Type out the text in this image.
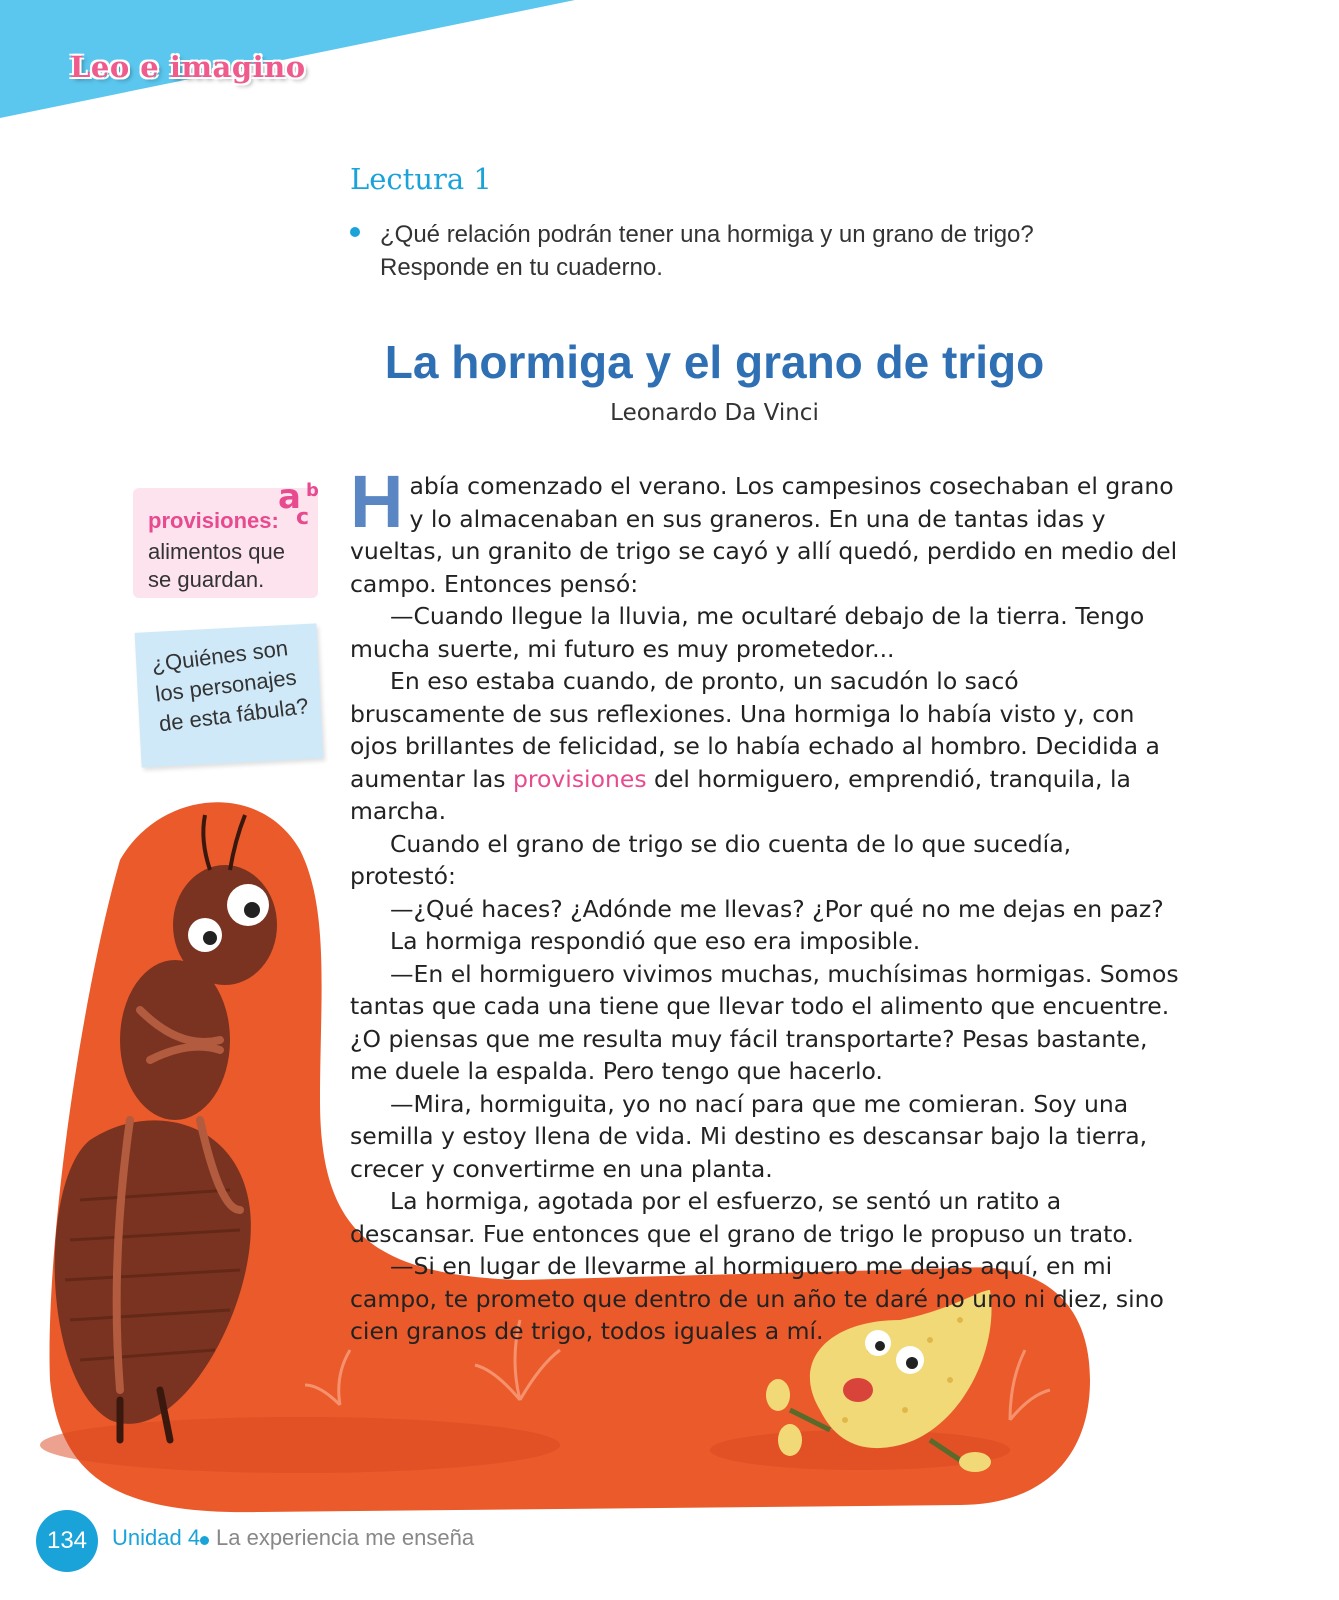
Leo e imagino
Lectura 1
¿Qué relación podrán tener una hormiga y un grano de trigo?
Responde en tu cuaderno.
La hormiga y el grano de trigo
Leonardo Da Vinci
a b
c
provisiones:
alimentos que se guardan.
¿Quiénes son los personajes de esta fábula?

Había comenzado el verano. Los campesinos cosechaban el grano y lo almacenaban en sus graneros. En una de tantas idas y vueltas, un granito de trigo se cayó y allí quedó, perdido en medio del campo. Entonces pensó:

—Cuando llegue la lluvia, me ocultaré debajo de la tierra. Tengo mucha suerte, mi futuro es muy prometedor...

En eso estaba cuando, de pronto, un sacudón lo sacó bruscamente de sus reflexiones. Una hormiga lo había visto y, con ojos brillantes de felicidad, se lo había echado al hombro. Decidida a aumentar las provisiones del hormiguero, emprendió, tranquila, la marcha.

Cuando el grano de trigo se dio cuenta de lo que sucedía, protestó:

—¿Qué haces? ¿Adónde me llevas? ¿Por qué no me dejas en paz?

La hormiga respondió que eso era imposible.

—En el hormiguero vivimos muchas, muchísimas hormigas. Somos tantas que cada una tiene que llevar todo el alimento que encuentre. ¿O piensas que me resulta muy fácil transportarte? Pesas bastante, me duele la espalda. Pero tengo que hacerlo.

—Mira, hormiguita, yo no nací para que me comieran. Soy una semilla y estoy llena de vida. Mi destino es descansar bajo la tierra, crecer y convertirme en una planta.

La hormiga, agotada por el esfuerzo, se sentó un ratito a descansar. Fue entonces que el grano de trigo le propuso un trato.

—Si en lugar de llevarme al hormiguero me dejas aquí, en mi campo, te prometo que dentro de un año te daré no uno ni diez, sino cien granos de trigo, todos iguales a mí.

134	Unidad 4 La experiencia me enseña
